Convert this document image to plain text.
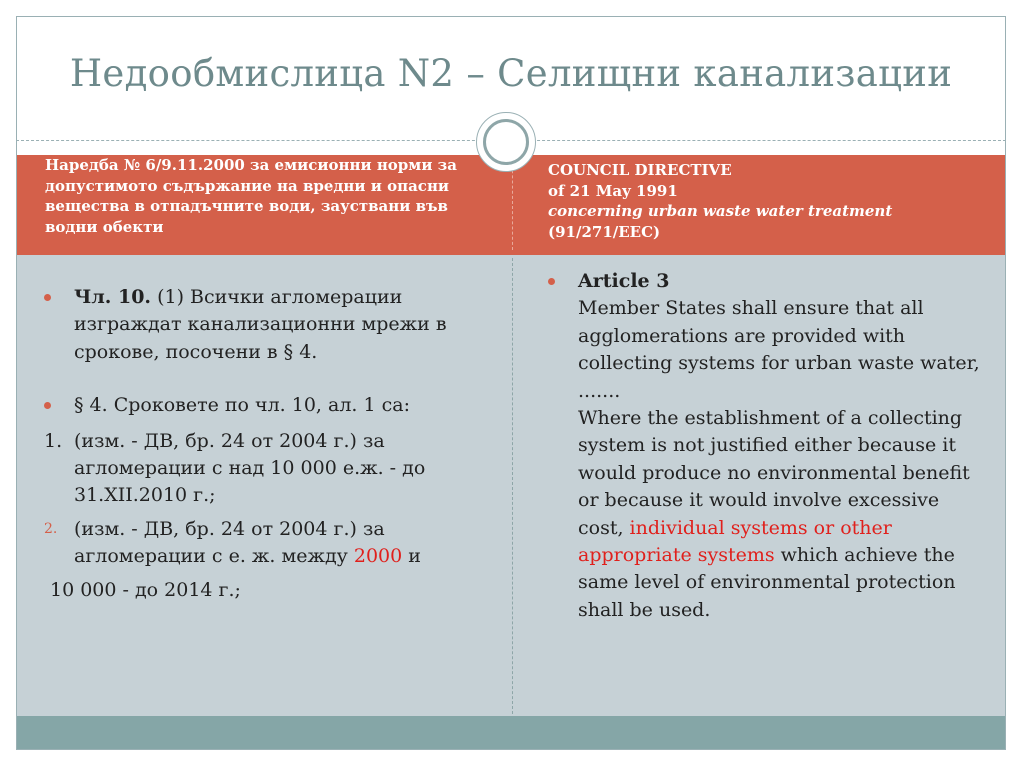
Недообмислица N2 – Селищни канализации
Наредба № 6/9.11.2000 за емисионни норми за допустимото съдържание на вредни и опасни вещества в отпадъчните води, зауствани във водни обекти
COUNCIL DIRECTIVE
of 21 May 1991
concerning urban waste water treatment
(91/271/EEC)
Чл. 10. (1) Всички агломерации изграждат канализационни мрежи в срокове, посочени в § 4.
§ 4. Сроковете по чл. 10, ал. 1 са:
1. (изм. - ДВ, бр. 24 от 2004 г.) за агломерации с над 10 000 е.ж. - до 31.XII.2010 г.;
2. (изм. - ДВ, бр. 24 от 2004 г.) за агломерации с е. ж. между 2000 и
10 000 - до 2014 г.;
Article 3
Member States shall ensure that all agglomerations are provided with collecting systems for urban waste water,
.......
Where the establishment of a collecting system is not justified either because it would produce no environmental benefit or because it would involve excessive cost, individual systems or other appropriate systems which achieve the same level of environmental protection shall be used.
